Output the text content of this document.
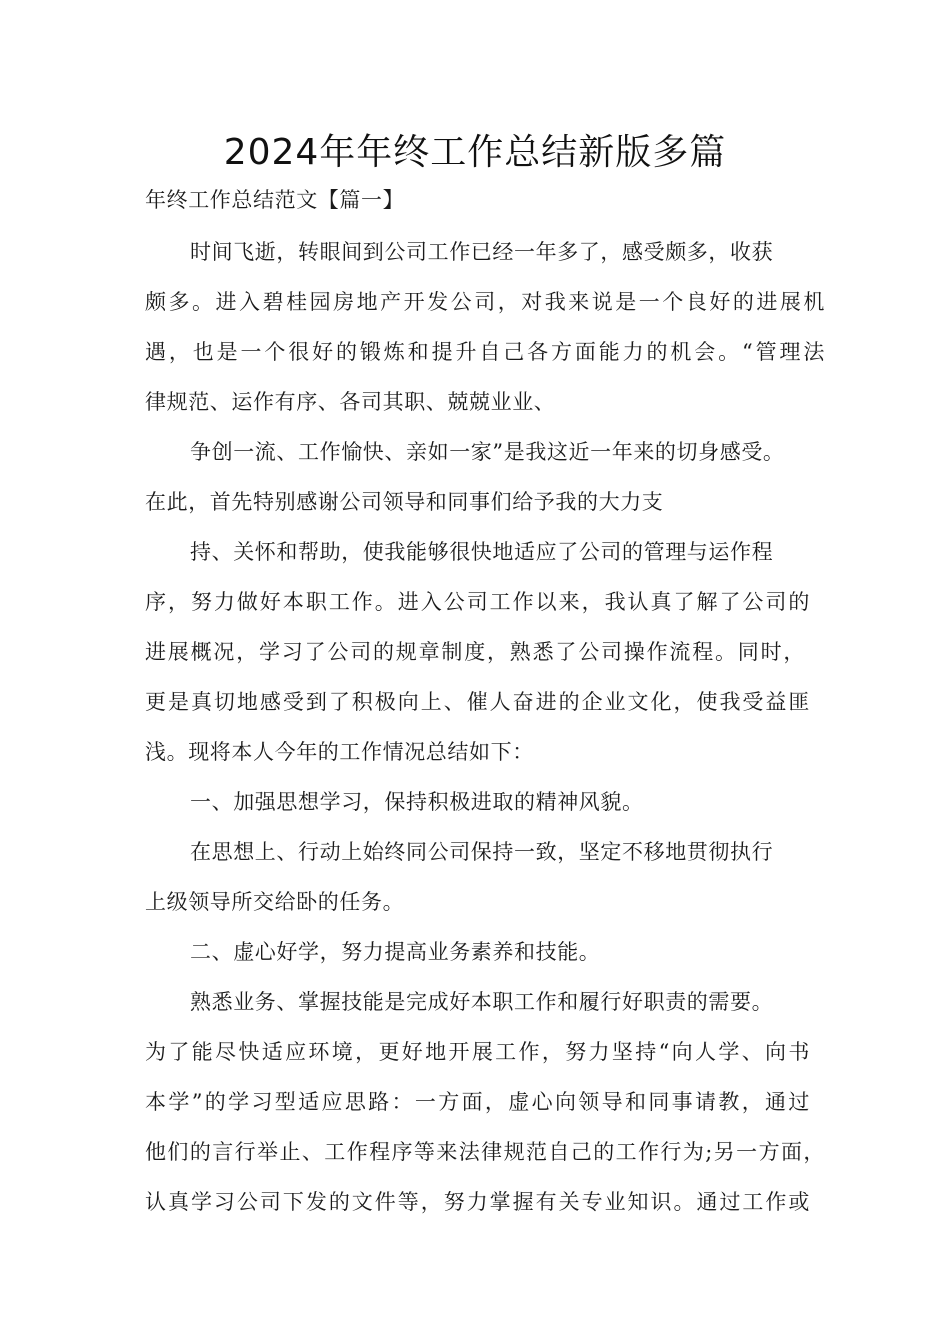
2024年年终工作总结新版多篇
年终工作总结范文【篇一】
时间飞逝，转眼间到公司工作已经一年多了，感受颇多，收获
颇多。进入碧桂园房地产开发公司，对我来说是一个良好的进展机
遇，也是一个很好的锻炼和提升自己各方面能力的机会。“管理法
律规范、运作有序、各司其职、兢兢业业、
争创一流、工作愉快、亲如一家”是我这近一年来的切身感受。
在此，首先特别感谢公司领导和同事们给予我的大力支
持、关怀和帮助，使我能够很快地适应了公司的管理与运作程
序，努力做好本职工作。进入公司工作以来，我认真了解了公司的
进展概况，学习了公司的规章制度，熟悉了公司操作流程。同时，
更是真切地感受到了积极向上、催人奋进的企业文化，使我受益匪
浅。现将本人今年的工作情况总结如下：
一、加强思想学习，保持积极进取的精神风貌。
在思想上、行动上始终同公司保持一致，坚定不移地贯彻执行
上级领导所交给卧的任务。
二、虚心好学，努力提高业务素养和技能。
熟悉业务、掌握技能是完成好本职工作和履行好职责的需要。
为了能尽快适应环境，更好地开展工作，努力坚持“向人学、向书
本学”的学习型适应思路：一方面，虚心向领导和同事请教，通过
他们的言行举止、工作程序等来法律规范自己的工作行为;另一方面，
认真学习公司下发的文件等，努力掌握有关专业知识。通过工作或
